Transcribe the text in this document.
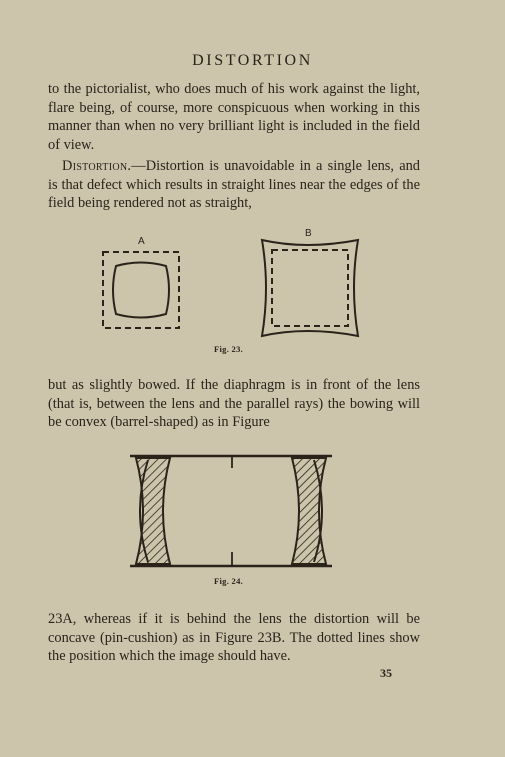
DISTORTION

to the pictorialist, who does much of his work against the light, flare being, of course, more conspicuous when working in this manner than when no very brilliant light is included in the field of view.

Distortion.—Distortion is unavoidable in a single lens, and is that defect which results in straight lines near the edges of the field being rendered not as straight,

A
B
Fig. 23.

but as slightly bowed. If the diaphragm is in front of the lens (that is, between the lens and the parallel rays) the bowing will be convex (barrel-shaped) as in Figure

Fig. 24.

23A, whereas if it is behind the lens the distortion will be concave (pin-cushion) as in Figure 23B. The dotted lines show the position which the image should have.

35
